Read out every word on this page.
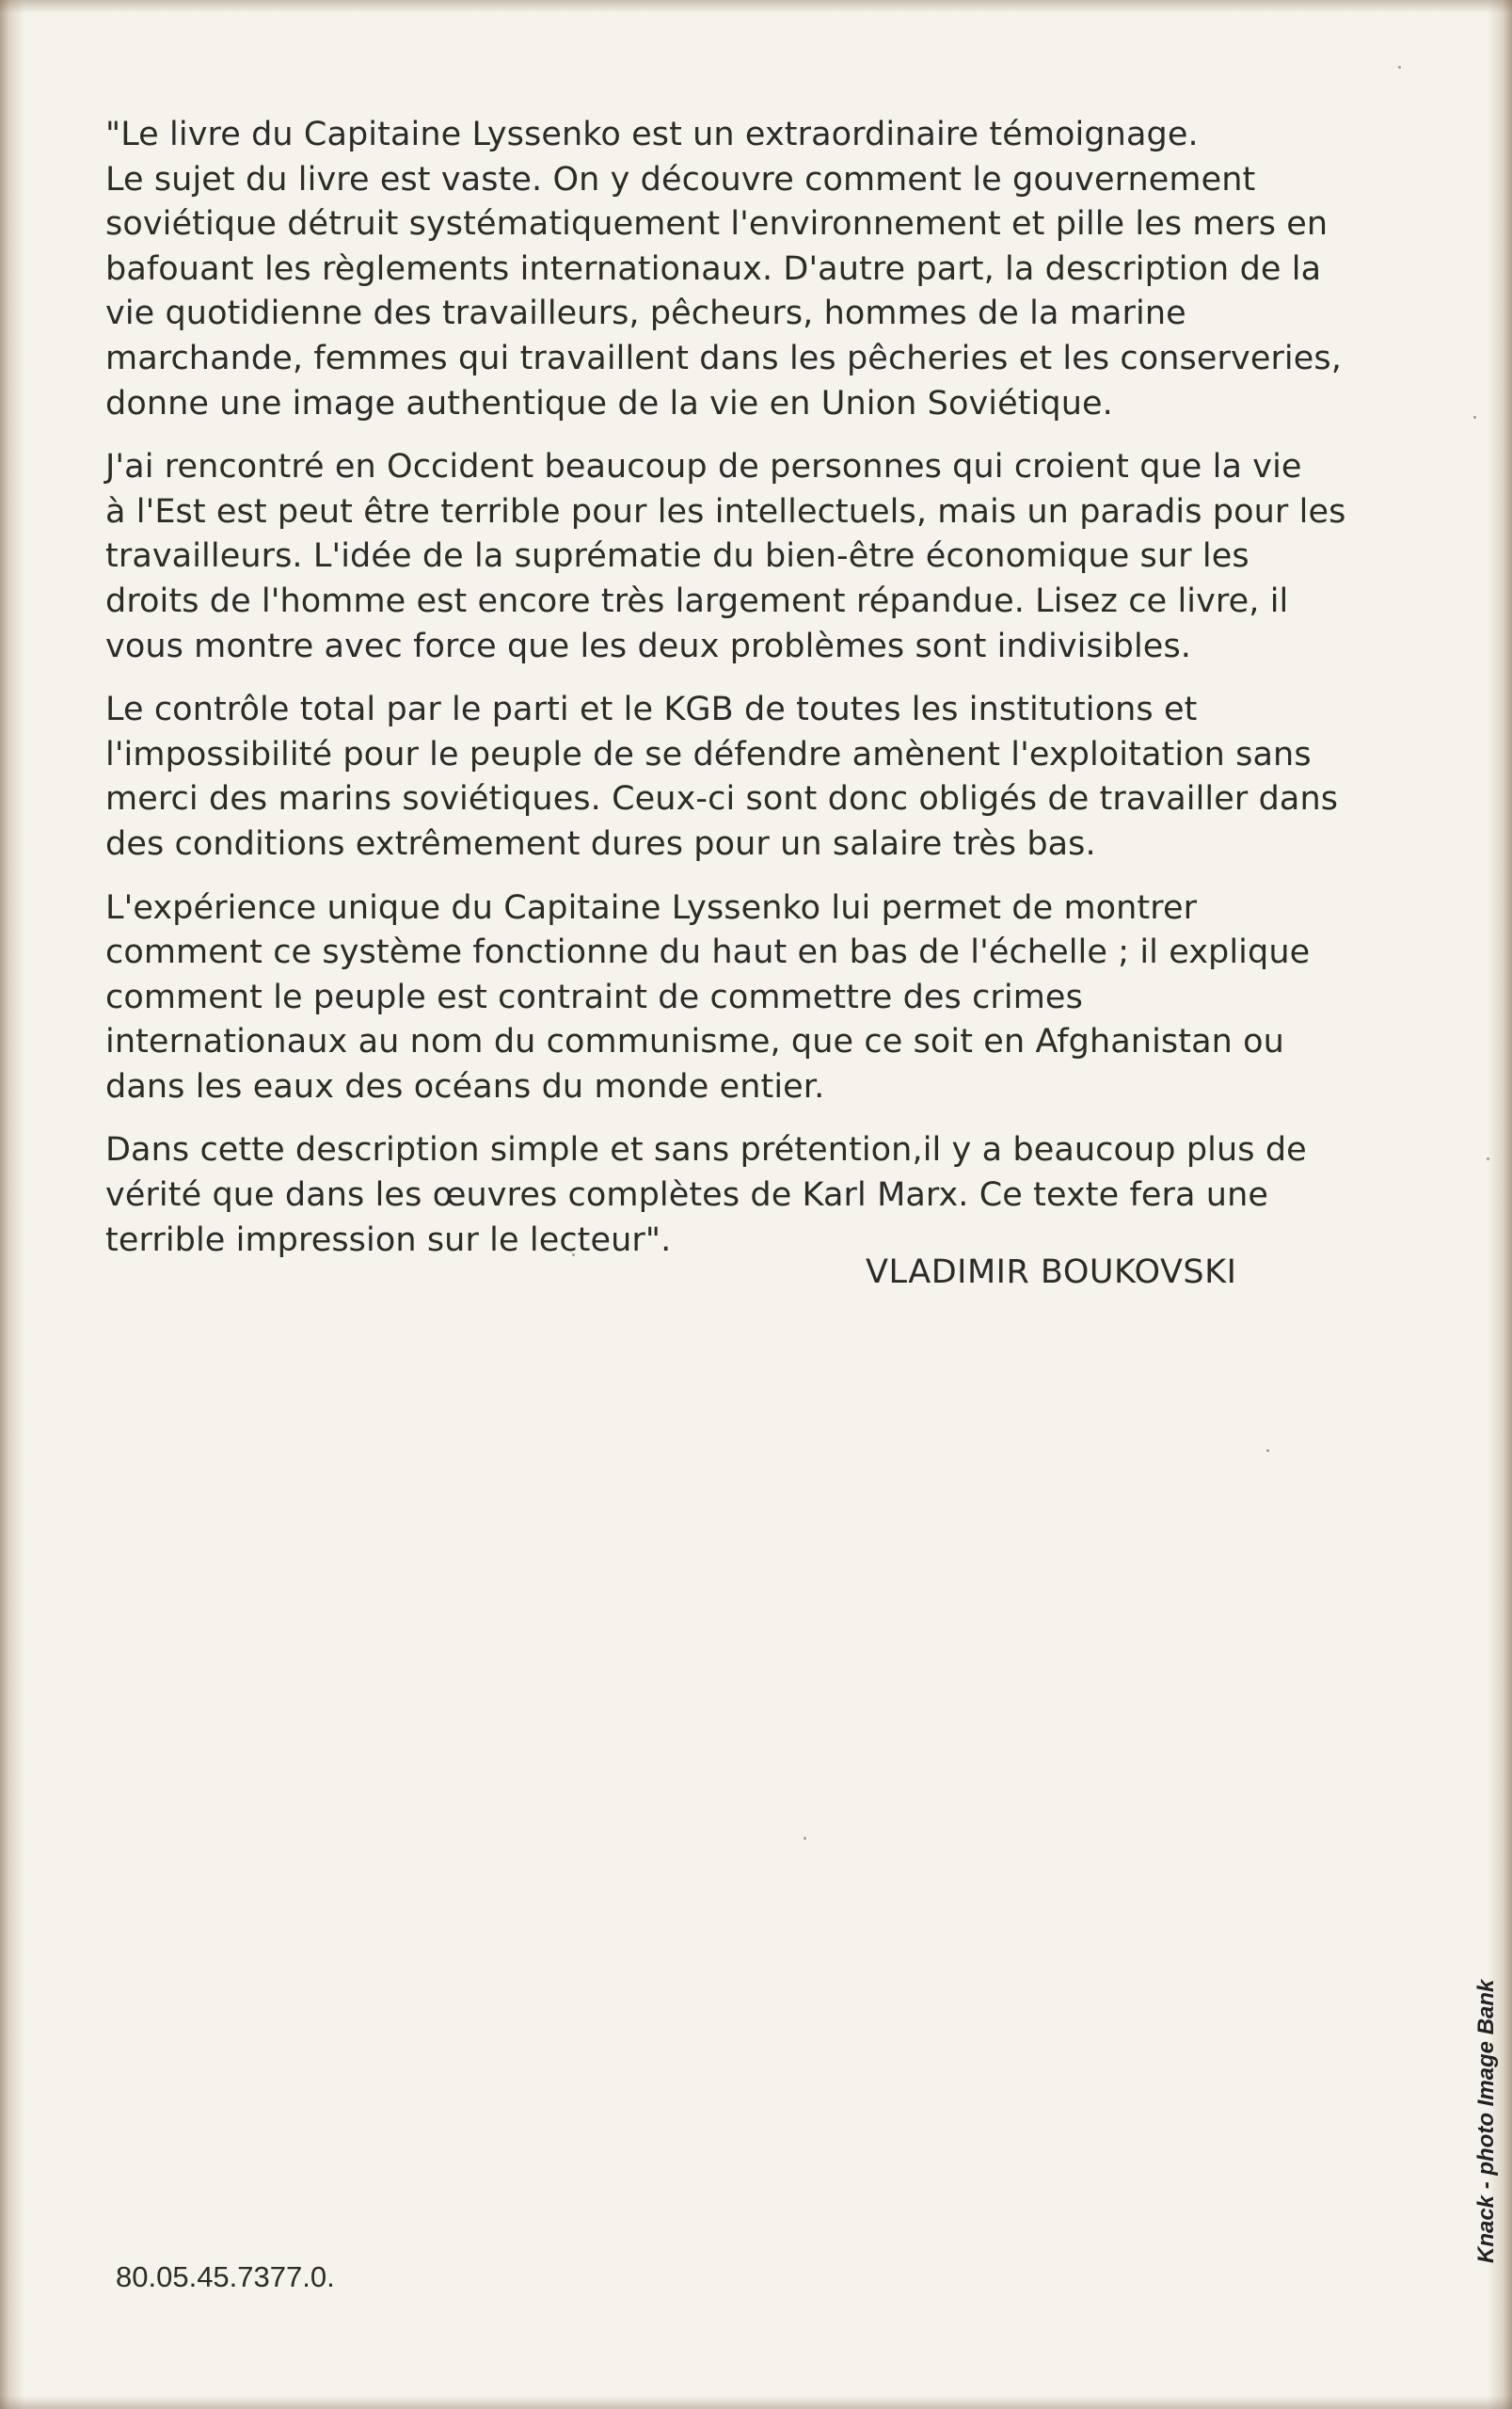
"Le livre du Capitaine Lyssenko est un extraordinaire témoignage.
Le sujet du livre est vaste. On y découvre comment le gouvernement
soviétique détruit systématiquement l'environnement et pille les mers en
bafouant les règlements internationaux. D'autre part, la description de la
vie quotidienne des travailleurs, pêcheurs, hommes de la marine
marchande, femmes qui travaillent dans les pêcheries et les conserveries,
donne une image authentique de la vie en Union Soviétique.

J'ai rencontré en Occident beaucoup de personnes qui croient que la vie
à l'Est est peut être terrible pour les intellectuels, mais un paradis pour les
travailleurs. L'idée de la suprématie du bien-être économique sur les
droits de l'homme est encore très largement répandue. Lisez ce livre, il
vous montre avec force que les deux problèmes sont indivisibles.

Le contrôle total par le parti et le KGB de toutes les institutions et
l'impossibilité pour le peuple de se défendre amènent l'exploitation sans
merci des marins soviétiques. Ceux-ci sont donc obligés de travailler dans
des conditions extrêmement dures pour un salaire très bas.

L'expérience unique du Capitaine Lyssenko lui permet de montrer
comment ce système fonctionne du haut en bas de l'échelle ; il explique
comment le peuple est contraint de commettre des crimes
internationaux au nom du communisme, que ce soit en Afghanistan ou
dans les eaux des océans du monde entier.

Dans cette description simple et sans prétention,il y a beaucoup plus de
vérité que dans les œuvres complètes de Karl Marx. Ce texte fera une
terrible impression sur le lecteur".

VLADIMIR BOUKOVSKI
80.05.45.7377.0.
Knack - photo Image Bank
